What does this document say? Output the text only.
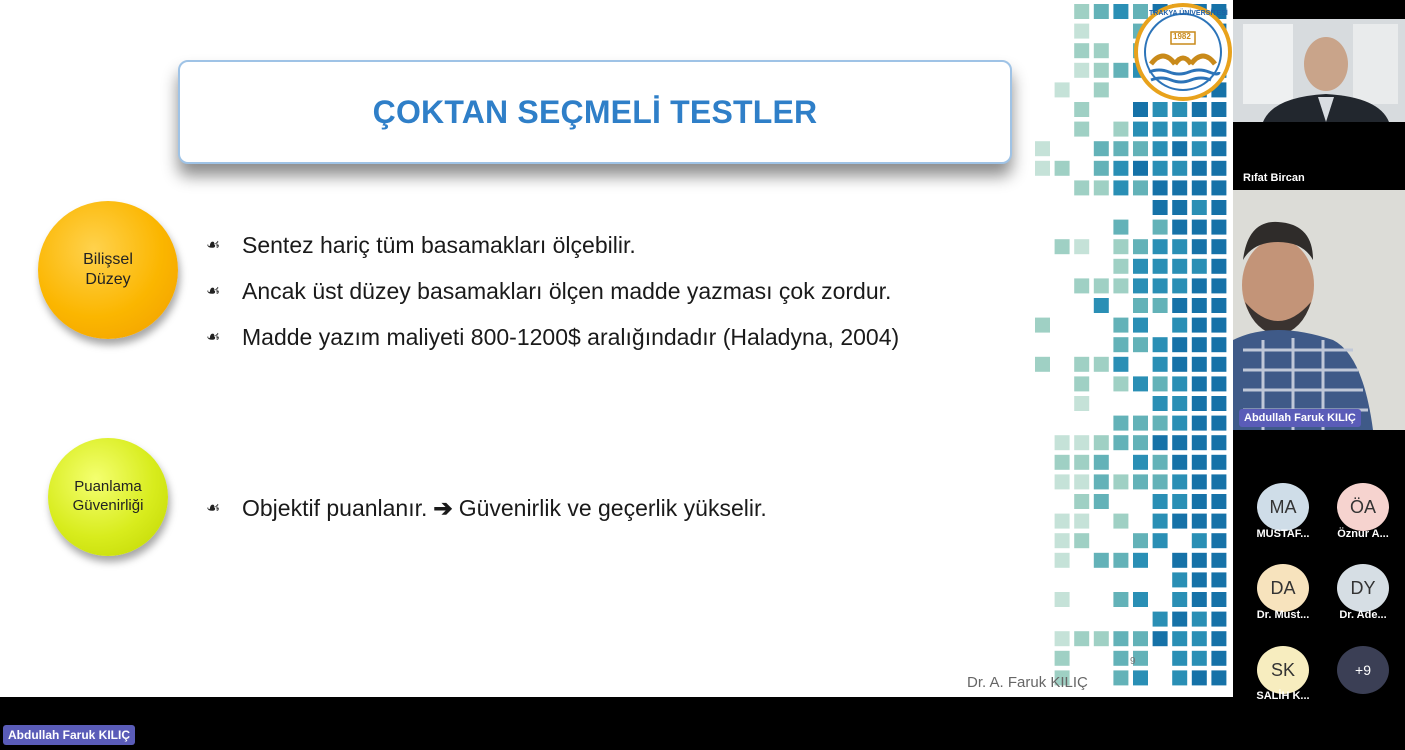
TRAKYA ÜNİVERSİTESİ
1982
ÇOKTAN SEÇMELİ TESTLER
Bilişsel Düzey
☙ Sentez hariç tüm basamakları ölçebilir.
☙ Ancak üst düzey basamakları ölçen madde yazması çok zordur.
☙ Madde yazım maliyeti 800-1200$ aralığındadır (Haladyna, 2004)
Puanlama Güvenirliği	☙ Objektif puanlanır. ➔ Güvenirlik ve geçerlik yükselir.
9
Dr. A. Faruk KILIÇ
Rıfat Bircan
Abdullah Faruk KILIÇ
MA
MUSTAF...
ÖA
Öznur A...
DA
Dr. Must...
DY
Dr. Ade...
SK
SALİH K...
+9
Abdullah Faruk KILIÇ
